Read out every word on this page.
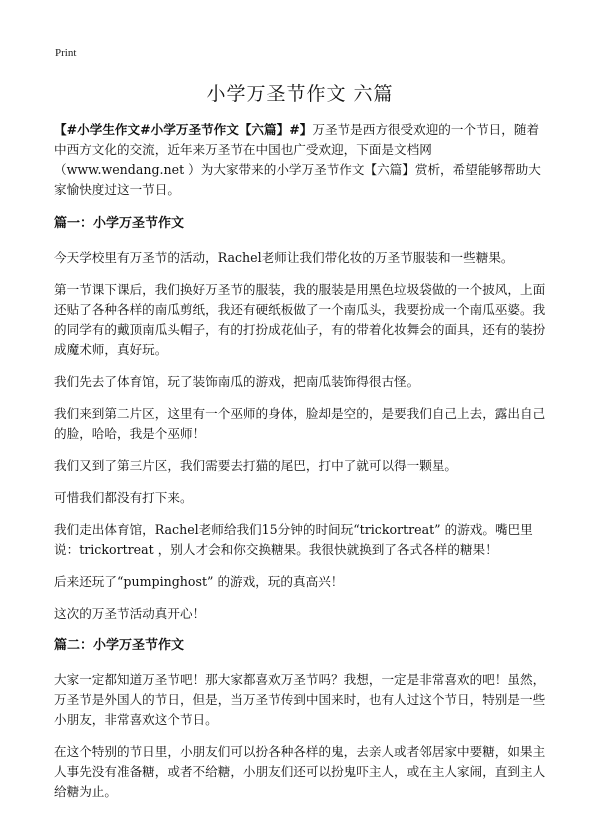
Print
小学万圣节作文 六篇

【#小学生作文#小学万圣节作文【六篇】#】万圣节是西方很受欢迎的一个节日，随着中西方文化的交流，近年来万圣节在中国也广受欢迎，下面是文档网（www.wendang.net ）为大家带来的小学万圣节作文【六篇】赏析，希望能够帮助大家愉快度过这一节日。

篇一：小学万圣节作文

今天学校里有万圣节的活动，Rachel老师让我们带化妆的万圣节服装和一些糖果。

第一节课下课后，我们换好万圣节的服装，我的服装是用黑色垃圾袋做的一个披风，上面还贴了各种各样的南瓜剪纸，我还有硬纸板做了一个南瓜头，我要扮成一个南瓜巫婆。我的同学有的戴顶南瓜头帽子，有的打扮成花仙子，有的带着化妆舞会的面具，还有的装扮成魔术师，真好玩。

我们先去了体育馆，玩了装饰南瓜的游戏，把南瓜装饰得很古怪。

我们来到第二片区，这里有一个巫师的身体，脸却是空的，是要我们自己上去，露出自己的脸，哈哈，我是个巫师！

我们又到了第三片区，我们需要去打猫的尾巴，打中了就可以得一颗星。

可惜我们都没有打下来。

我们走出体育馆，Rachel老师给我们15分钟的时间玩“trickortreat” 的游戏。嘴巴里说：trickortreat ，别人才会和你交换糖果。我很快就换到了各式各样的糖果！

后来还玩了“pumpinghost” 的游戏，玩的真高兴！

这次的万圣节活动真开心！

篇二：小学万圣节作文

大家一定都知道万圣节吧！那大家都喜欢万圣节吗？我想，一定是非常喜欢的吧！虽然，万圣节是外国人的节日，但是，当万圣节传到中国来时，也有人过这个节日，特别是一些小朋友，非常喜欢这个节日。

在这个特别的节日里，小朋友们可以扮各种各样的鬼，去亲人或者邻居家中要糖，如果主人事先没有准备糖，或者不给糖，小朋友们还可以扮鬼吓主人，或在主人家闹，直到主人给糖为止。
